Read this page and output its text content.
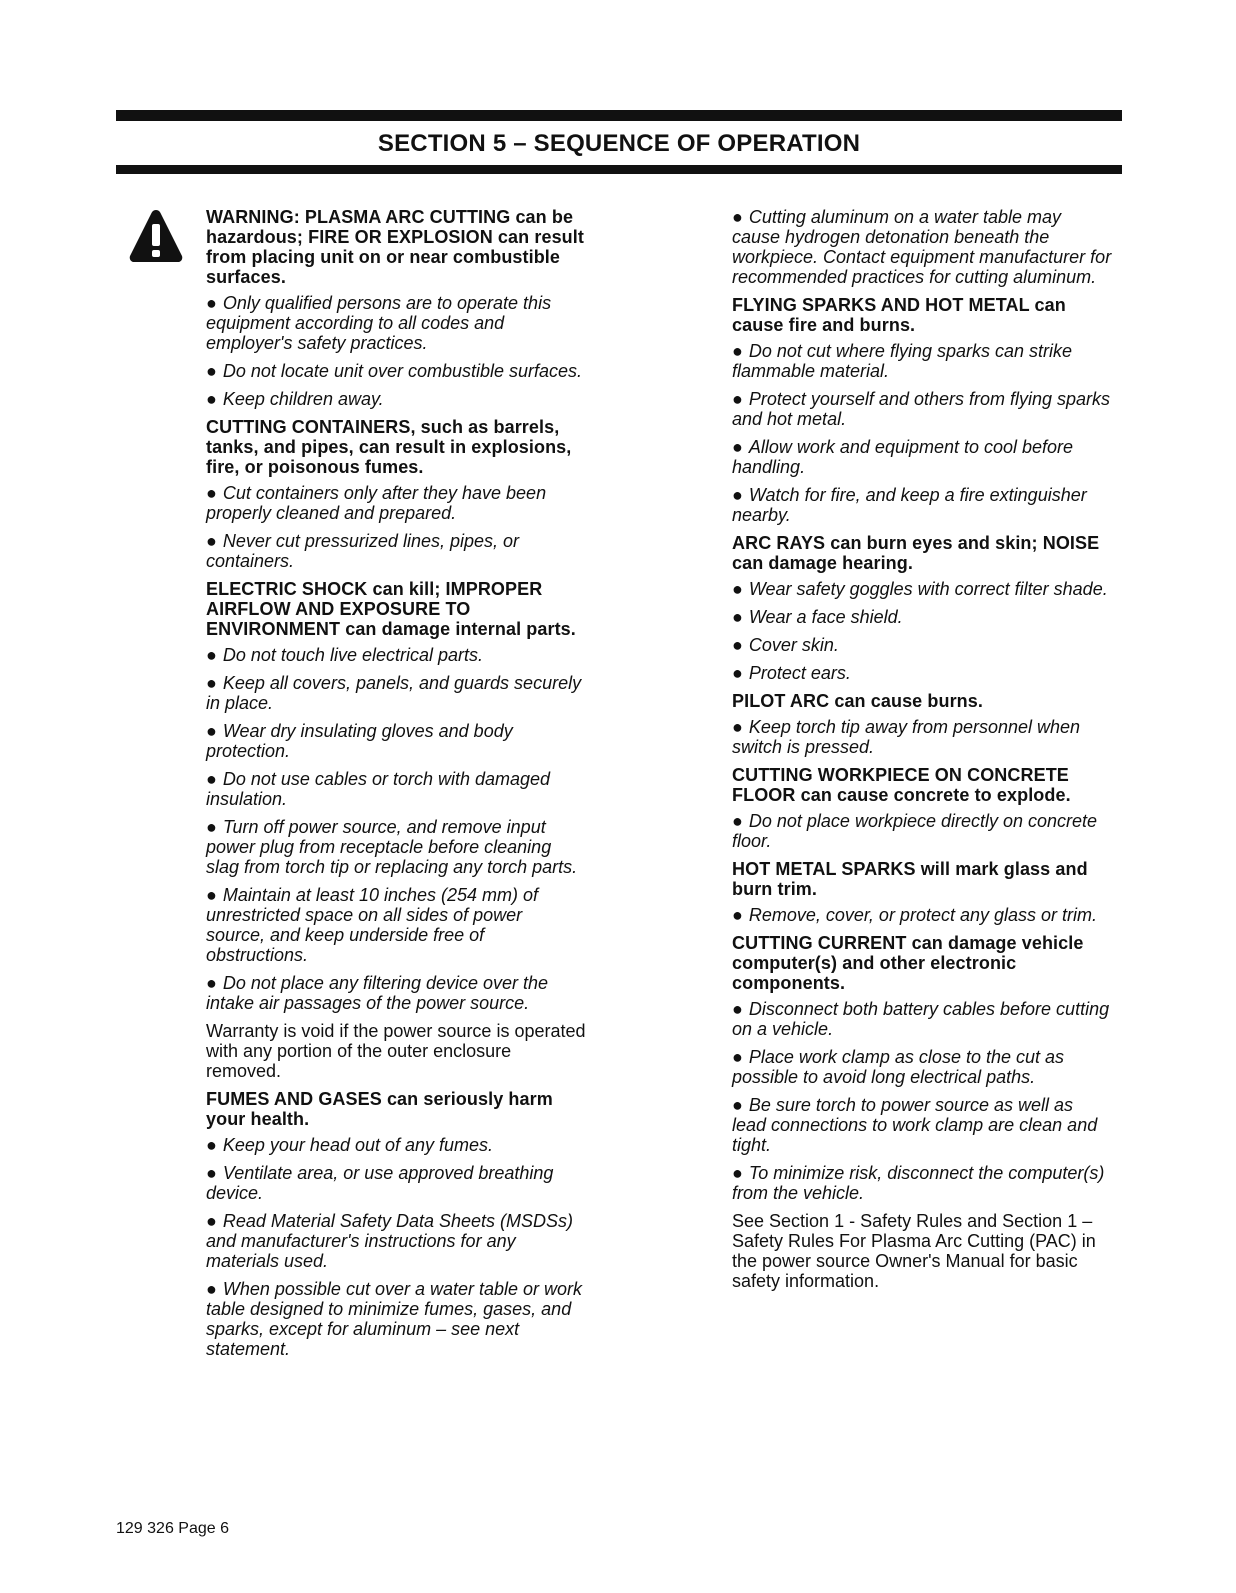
SECTION 5 – SEQUENCE OF OPERATION

WARNING: PLASMA ARC CUTTING can be hazardous; FIRE OR EXPLOSION can result from placing unit on or near combustible surfaces.

● Only qualified persons are to operate this equipment according to all codes and employer's safety practices.

● Do not locate unit over combustible surfaces.

● Keep children away.

CUTTING CONTAINERS, such as barrels, tanks, and pipes, can result in explosions, fire, or poisonous fumes.

● Cut containers only after they have been properly cleaned and prepared.

● Never cut pressurized lines, pipes, or containers.

ELECTRIC SHOCK can kill; IMPROPER AIRFLOW AND EXPOSURE TO ENVIRONMENT can damage internal parts.

● Do not touch live electrical parts.

● Keep all covers, panels, and guards securely in place.

● Wear dry insulating gloves and body protection.

● Do not use cables or torch with damaged insulation.

● Turn off power source, and remove input power plug from receptacle before cleaning slag from torch tip or replacing any torch parts.

● Maintain at least 10 inches (254 mm) of unrestricted space on all sides of power source, and keep underside free of obstructions.

● Do not place any filtering device over the intake air passages of the power source.

Warranty is void if the power source is operated with any portion of the outer enclosure removed.

FUMES AND GASES can seriously harm your health.

● Keep your head out of any fumes.

● Ventilate area, or use approved breathing device.

● Read Material Safety Data Sheets (MSDSs) and manufacturer's instructions for any materials used.

● When possible cut over a water table or work table designed to minimize fumes, gases, and sparks, except for aluminum – see next statement.

● Cutting aluminum on a water table may cause hydrogen detonation beneath the workpiece. Contact equipment manufacturer for recommended practices for cutting aluminum.

FLYING SPARKS AND HOT METAL can cause fire and burns.

● Do not cut where flying sparks can strike flammable material.

● Protect yourself and others from flying sparks and hot metal.

● Allow work and equipment to cool before handling.

● Watch for fire, and keep a fire extinguisher nearby.

ARC RAYS can burn eyes and skin; NOISE can damage hearing.

● Wear safety goggles with correct filter shade.

● Wear a face shield.

● Cover skin.

● Protect ears.

PILOT ARC can cause burns.

● Keep torch tip away from personnel when switch is pressed.

CUTTING WORKPIECE ON CONCRETE FLOOR can cause concrete to explode.

● Do not place workpiece directly on concrete floor.

HOT METAL SPARKS will mark glass and burn trim.

● Remove, cover, or protect any glass or trim.

CUTTING CURRENT can damage vehicle computer(s) and other electronic components.

● Disconnect both battery cables before cutting on a vehicle.

● Place work clamp as close to the cut as possible to avoid long electrical paths.

● Be sure torch to power source as well as lead connections to work clamp are clean and tight.

● To minimize risk, disconnect the computer(s) from the vehicle.

See Section 1 - Safety Rules and Section 1 – Safety Rules For Plasma Arc Cutting (PAC) in the power source Owner's Manual for basic safety information.

129 326 Page 6
